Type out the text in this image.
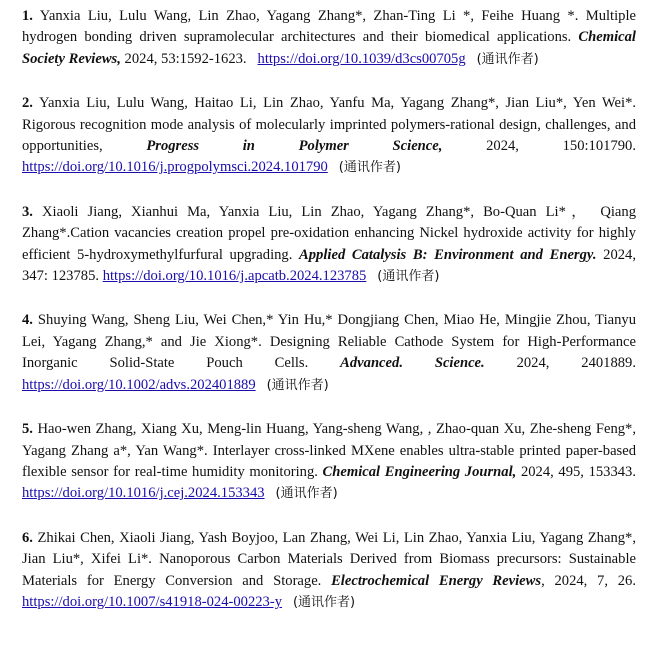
1. Yanxia Liu, Lulu Wang, Lin Zhao, Yagang Zhang*, Zhan-Ting Li *, Feihe Huang *. Multiple hydrogen bonding driven supramolecular architectures and their biomedical applications. Chemical Society Reviews, 2024, 53:1592-1623. https://doi.org/10.1039/d3cs00705g (通讯作者)

2. Yanxia Liu, Lulu Wang, Haitao Li, Lin Zhao, Yanfu Ma, Yagang Zhang*, Jian Liu*, Yen Wei*. Rigorous recognition mode analysis of molecularly imprinted polymers-rational design, challenges, and opportunities,	Progress in Polymer Science,	2024, 150:101790. https://doi.org/10.1016/j.progpolymsci.2024.101790 (通讯作者)

3. Xiaoli Jiang, Xianhui Ma, Yanxia Liu, Lin Zhao, Yagang Zhang*, Bo-Quan Li*， Qiang Zhang*.Cation vacancies creation propel pre-oxidation enhancing Nickel hydroxide activity for highly efficient 5-hydroxymethylfurfural upgrading. Applied Catalysis B: Environment and Energy. 2024, 347: 123785. https://doi.org/10.1016/j.apcatb.2024.123785 (通讯作者)

4. Shuying Wang, Sheng Liu, Wei Chen,* Yin Hu,* Dongjiang Chen, Miao He, Mingjie Zhou, Tianyu Lei, Yagang Zhang,* and Jie Xiong*. Designing Reliable Cathode System for High-Performance Inorganic Solid-State Pouch Cells. Advanced. Science. 2024, 2401889. https://doi.org/10.1002/advs.202401889 (通讯作者)

5. Hao-wen Zhang, Xiang Xu, Meng-lin Huang, Yang-sheng Wang, , Zhao-quan Xu, Zhe-sheng Feng*, Yagang Zhang a*, Yan Wang*. Interlayer cross-linked MXene enables ultra-stable printed paper-based flexible sensor for real-time humidity monitoring. Chemical Engineering Journal, 2024, 495, 153343. https://doi.org/10.1016/j.cej.2024.153343 (通讯作者)

6. Zhikai Chen, Xiaoli Jiang, Yash Boyjoo, Lan Zhang, Wei Li, Lin Zhao, Yanxia Liu, Yagang Zhang*, Jian Liu*, Xifei Li*. Nanoporous Carbon Materials Derived from Biomass precursors: Sustainable Materials for Energy Conversion and Storage. Electrochemical Energy Reviews, 2024, 7, 26. https://doi.org/10.1007/s41918-024-00223-y (通讯作者)
